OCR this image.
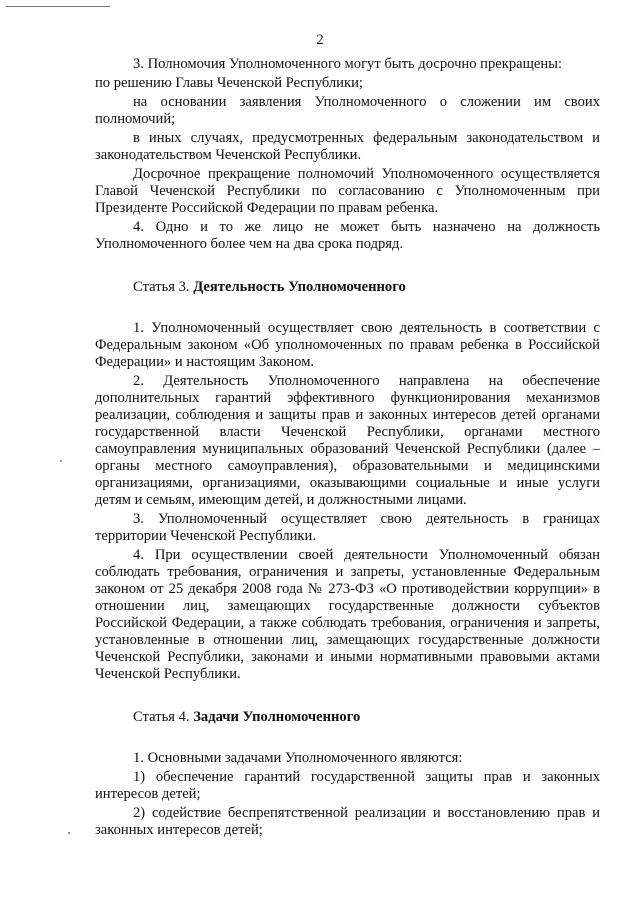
2

3. Полномочия Уполномоченного могут быть досрочно прекращены:

по решению Главы Чеченской Республики;

на основании заявления Уполномоченного о сложении им своих полномочий;

в иных случаях, предусмотренных федеральным законодательством и законодательством Чеченской Республики.

Досрочное прекращение полномочий Уполномоченного осуществляется Главой Чеченской Республики по согласованию с Уполномоченным при Президенте Российской Федерации по правам ребенка.

4. Одно и то же лицо не может быть назначено на должность Уполномоченного более чем на два срока подряд.

Статья 3. Деятельность Уполномоченного

1. Уполномоченный осуществляет свою деятельность в соответствии с Федеральным законом «Об уполномоченных по правам ребенка в Российской Федерации» и настоящим Законом.

2. Деятельность Уполномоченного направлена на обеспечение дополнительных гарантий эффективного функционирования механизмов реализации, соблюдения и защиты прав и законных интересов детей органами государственной власти Чеченской Республики, органами местного самоуправления муниципальных образований Чеченской Республики (далее – органы местного самоуправления), образовательными и медицинскими организациями, организациями, оказывающими социальные и иные услуги детям и семьям, имеющим детей, и должностными лицами.

3. Уполномоченный осуществляет свою деятельность в границах территории Чеченской Республики.

4. При осуществлении своей деятельности Уполномоченный обязан соблюдать требования, ограничения и запреты, установленные Федеральным законом от 25 декабря 2008 года № 273-ФЗ «О противодействии коррупции» в отношении лиц, замещающих государственные должности субъектов Российской Федерации, а также соблюдать требования, ограничения и запреты, установленные в отношении лиц, замещающих государственные должности Чеченской Республики, законами и иными нормативными правовыми актами Чеченской Республики.

Статья 4. Задачи Уполномоченного

1. Основными задачами Уполномоченного являются:

1) обеспечение гарантий государственной защиты прав и законных интересов детей;

2) содействие беспрепятственной реализации и восстановлению прав и законных интересов детей;
